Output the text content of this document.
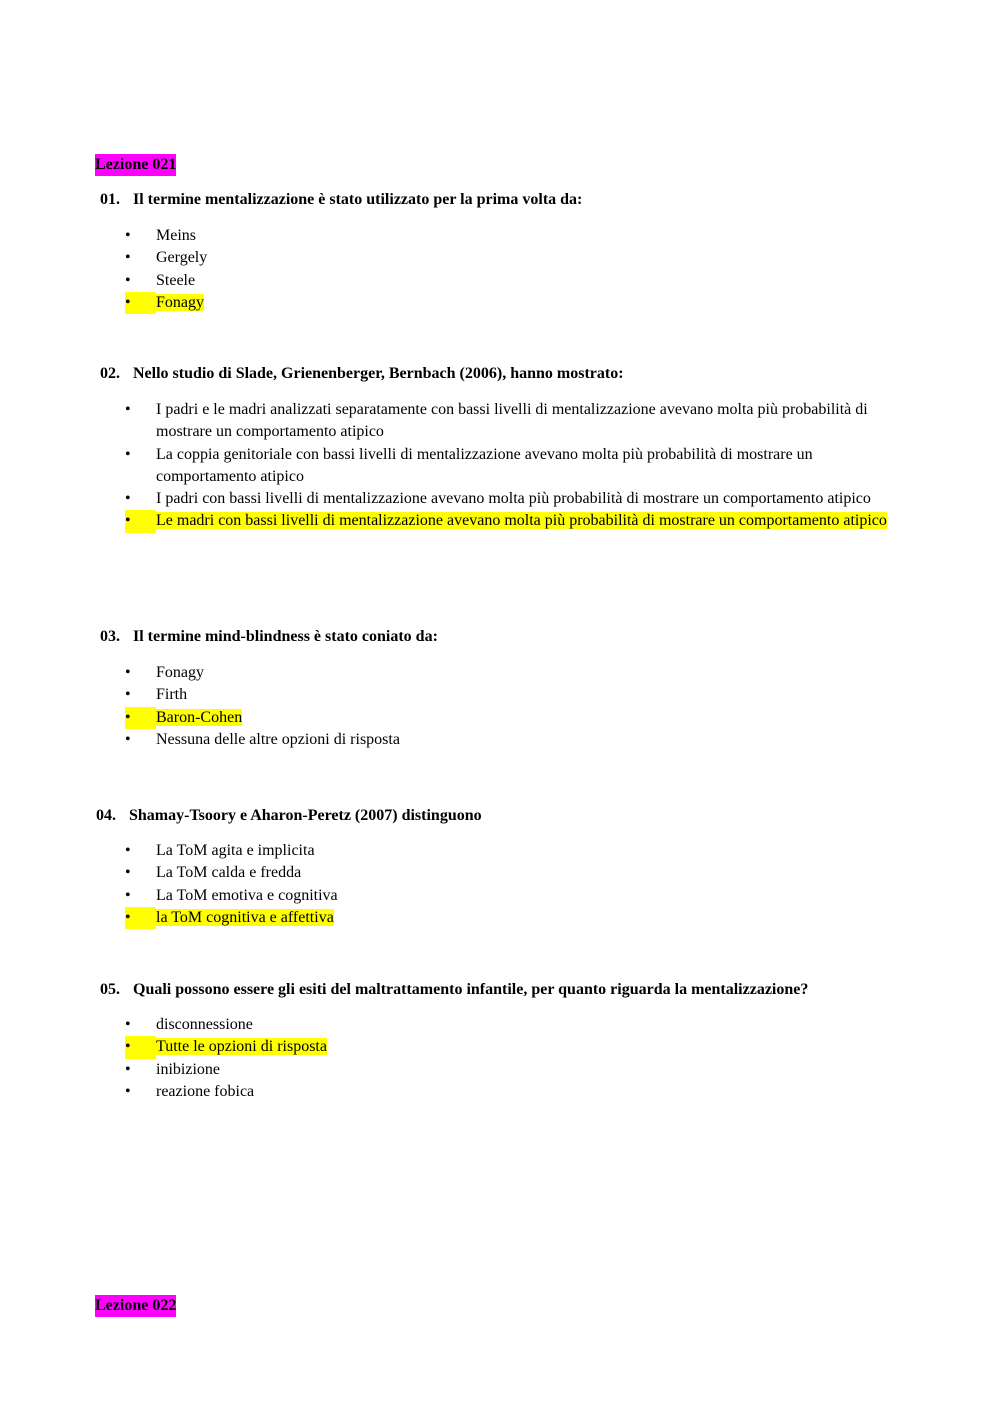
Lezione 021
01. Il termine mentalizzazione è stato utilizzato per la prima volta da:
•	Meins
•	Gergely
•	Steele
•	Fonagy
02. Nello studio di Slade, Grienenberger, Bernbach (2006), hanno mostrato:
•	I padri e le madri analizzati separatamente con bassi livelli di mentalizzazione avevano molta più probabilità di mostrare un comportamento atipico
•	La coppia genitoriale con bassi livelli di mentalizzazione avevano molta più probabilità di mostrare un comportamento atipico
•	I padri con bassi livelli di mentalizzazione avevano molta più probabilità di mostrare un comportamento atipico
•	Le madri con bassi livelli di mentalizzazione avevano molta più probabilità di mostrare un comportamento atipico
03. Il termine mind-blindness è stato coniato da:
•	Fonagy
•	Firth
•	Baron-Cohen
•	Nessuna delle altre opzioni di risposta
04. Shamay-Tsoory e Aharon-Peretz (2007) distinguono
•	La ToM agita e implicita
•	La ToM calda e fredda
•	La ToM emotiva e cognitiva
•	la ToM cognitiva e affettiva
05. Quali possono essere gli esiti del maltrattamento infantile, per quanto riguarda la mentalizzazione?
•	disconnessione
•	Tutte le opzioni di risposta
•	inibizione
•	reazione fobica
Lezione 022
